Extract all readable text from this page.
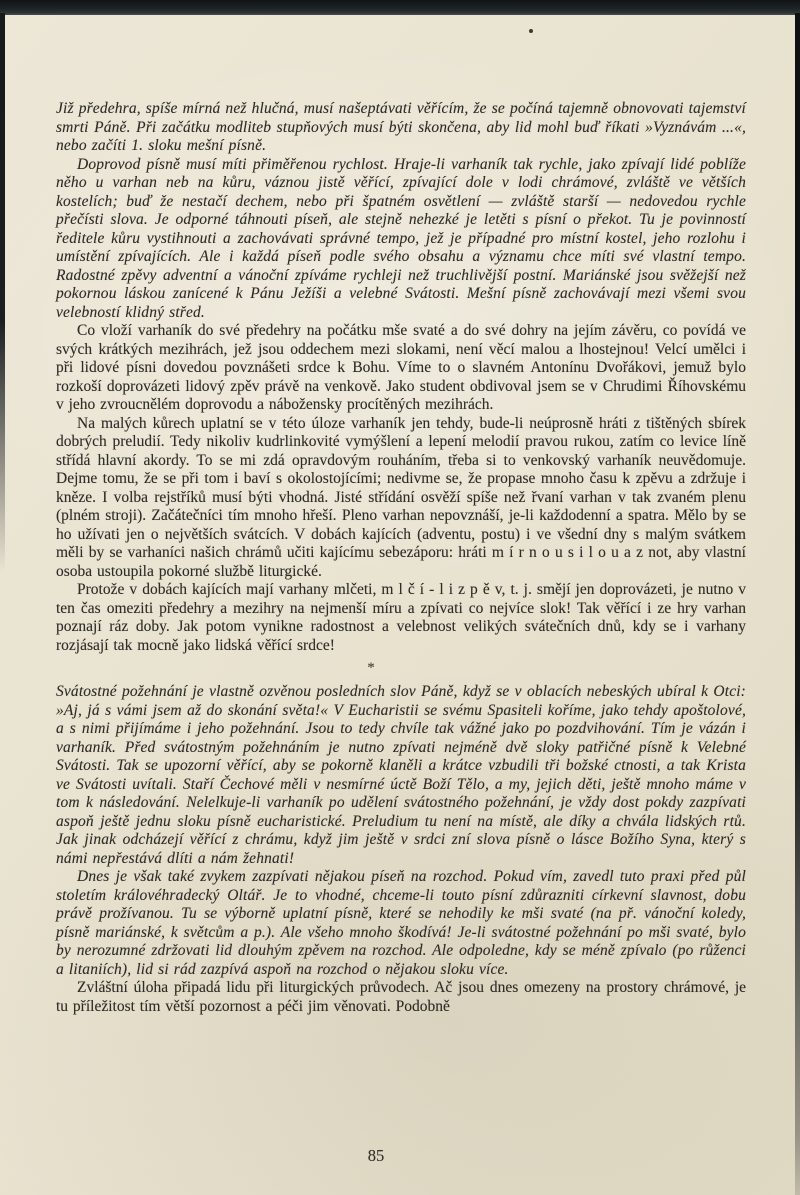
Již předehra, spíše mírná než hlučná, musí našeptávati věřícím, že se počíná tajemně obnovovati tajemství smrti Páně. Při začátku modliteb stupňových musí býti skončena, aby lid mohl buď říkati »Vyznávám ...«, nebo začíti 1. sloku mešní písně.

Doprovod písně musí míti přiměřenou rychlost. Hraje-li varhaník tak rychle, jako zpívají lidé poblíže něho u varhan neb na kůru, váznou jistě věřící, zpívající dole v lodi chrámové, zvláště ve větších kostelích; buď že nestačí dechem, nebo při špatném osvětlení — zvláště starší — nedovedou rychle přečísti slova. Je odporné táhnouti píseň, ale stejně nehezké je letěti s písní o překot. Tu je povinností ředitele kůru vystihnouti a zachovávati správné tempo, jež je případné pro místní kostel, jeho rozlohu i umístění zpívajících. Ale i každá píseň podle svého obsahu a významu chce míti své vlastní tempo. Radostné zpěvy adventní a vánoční zpíváme rychleji než truchlivější postní. Mariánské jsou svěžejší než pokornou láskou zanícené k Pánu Ježíši a velebné Svátosti. Mešní písně zachovávají mezi všemi svou velebností klidný střed.

Co vloží varhaník do své předehry na počátku mše svaté a do své dohry na jejím závěru, co povídá ve svých krátkých mezihrách, jež jsou oddechem mezi slokami, není věcí malou a lhostejnou! Velcí umělci i při lidové písni dovedou povznášeti srdce k Bohu. Víme to o slavném Antonínu Dvořákovi, jemuž bylo rozkoší doprovázeti lidový zpěv právě na venkově. Jako student obdivoval jsem se v Chrudimi Říhovskému v jeho zvroucnělém doprovodu a nábožensky procítěných mezihrách.

Na malých kůrech uplatní se v této úloze varhaník jen tehdy, bude-li neúprosně hráti z tištěných sbírek dobrých preludií. Tedy nikoliv kudrlinkovité vymýšlení a lepení melodií pravou rukou, zatím co levice líně střídá hlavní akordy. To se mi zdá opravdovým rouháním, třeba si to venkovský varhaník neuvědomuje. Dejme tomu, že se při tom i baví s okolostojícími; nedivme se, že propase mnoho času k zpěvu a zdržuje i kněze. I volba rejstříků musí býti vhodná. Jisté střídání osvěží spíše než řvaní varhan v tak zvaném plenu (plném stroji). Začátečníci tím mnoho hřeší. Pleno varhan nepovznáší, je-li každodenní a spatra. Mělo by se ho užívati jen o největších svátcích. V dobách kajících (adventu, postu) i ve všední dny s malým svátkem měli by se varhaníci našich chrámů učiti kajícímu sebezáporu: hráti m í r n o u s i l o u a z not, aby vlastní osoba ustoupila pokorné službě liturgické.

Protože v dobách kajících mají varhany mlčeti, m l č í - l i z p ě v, t. j. smějí jen doprovázeti, je nutno v ten čas omeziti předehry a mezihry na nejmenší míru a zpívati co nejvíce slok! Tak věřící i ze hry varhan poznají ráz doby. Jak potom vynikne radostnost a velebnost velikých svátečních dnů, kdy se i varhany rozjásají tak mocně jako lidská věřící srdce!

*

Svátostné požehnání je vlastně ozvěnou posledních slov Páně, když se v oblacích nebeských ubíral k Otci: »Aj, já s vámi jsem až do skonání světa!« V Eucharistii se svému Spasiteli koříme, jako tehdy apoštolové, a s nimi přijímáme i jeho požehnání. Jsou to tedy chvíle tak vážné jako po pozdvihování. Tím je vázán i varhaník. Před svátostným požehnáním je nutno zpívati nejméně dvě sloky patřičné písně k Velebné Svátosti. Tak se upozorní věřící, aby se pokorně klaněli a krátce vzbudili tři božské ctnosti, a tak Krista ve Svátosti uvítali. Staří Čechové měli v nesmírné úctě Boží Tělo, a my, jejich děti, ještě mnoho máme v tom k následování. Nelelkuje-li varhaník po udělení svátostného požehnání, je vždy dost pokdy zazpívati aspoň ještě jednu sloku písně eucharistické. Preludium tu není na místě, ale díky a chvála lidských rtů. Jak jinak odcházejí věřící z chrámu, když jim ještě v srdci zní slova písně o lásce Božího Syna, který s námi nepřestává dlíti a nám žehnati!

Dnes je však také zvykem zazpívati nějakou píseň na rozchod. Pokud vím, zavedl tuto praxi před půl stoletím královéhradecký Oltář. Je to vhodné, chceme-li touto písní zdůrazniti církevní slavnost, dobu právě prožívanou. Tu se výborně uplatní písně, které se nehodily ke mši svaté (na př. vánoční koledy, písně mariánské, k světcům a p.). Ale všeho mnoho škodívá! Je-li svátostné požehnání po mši svaté, bylo by nerozumné zdržovati lid dlouhým zpěvem na rozchod. Ale odpoledne, kdy se méně zpívalo (po růženci a litaniích), lid si rád zazpívá aspoň na rozchod o nějakou sloku více.

Zvláštní úloha připadá lidu při liturgických průvodech. Ač jsou dnes omezeny na prostory chrámové, je tu příležitost tím větší pozornost a péči jim věnovati. Podobně

85
